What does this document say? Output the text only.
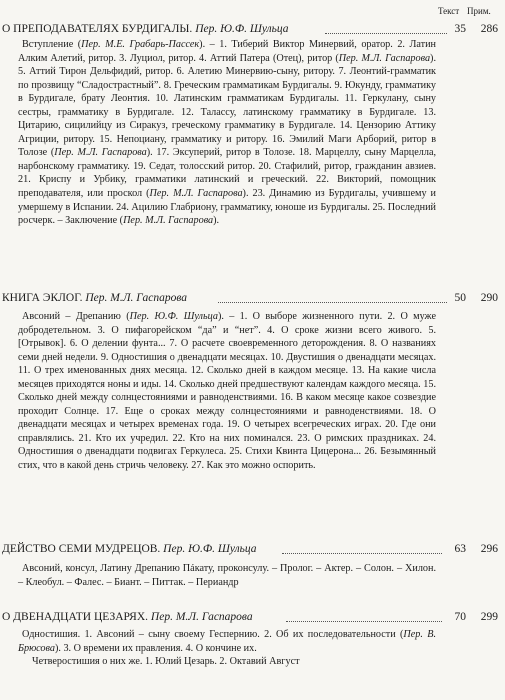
Текст Прим.
О ПРЕПОДАВАТЕЛЯХ БУРДИГАЛЫ. Пер. Ю.Ф. Шульца	35	286

Вступление (Пер. М.Е. Грабарь-Пассек). – 1. Тиберий Виктор Минервий, оратор. 2. Латин Алким Алетий, ритор. 3. Луциол, ритор. 4. Аттий Патера (Отец), ритор (Пер. М.Л. Гаспарова). 5. Аттий Тирон Дельфидий, ритор. 6. Алетию Минервию-сыну, ритору. 7. Леонтий-грамматик по прозвищу “Сладострастный”. 8. Греческим грамматикам Бурдигалы. 9. Юкунду, грамматику в Бурдигале, брату Леонтия. 10. Латинским грамматикам Бурдигалы. 11. Геркулану, сыну сестры, грамматику в Бурдигале. 12. Талассу, латинскому грамматику в Бурдигале. 13. Цитарию, сицилийцу из Сиракуз, греческому грамматику в Бурдигале. 14. Цензорию Аттику Агриции, ритору. 15. Непоциану, грамматику и ритору. 16. Эмилий Маги Арборий, ритор в Толозе (Пер. М.Л. Гаспарова). 17. Эксуперий, ритор в Толозе. 18. Марцеллу, сыну Марцелла, нарбонскому грамматику. 19. Седат, толосский ритор. 20. Стафилий, ритор, гражданин авзиев. 21. Криспу и Урбику, грамматики латинский и греческий. 22. Викторий, помощник преподавателя, или проскол (Пер. М.Л. Гаспарова). 23. Динамию из Бурдигалы, учившему и умершему в Испании. 24. Ацилию Глабриону, грамматику, юноше из Бурдигалы. 25. Последний росчерк. – Заключение (Пер. М.Л. Гаспарова).

КНИГА ЭКЛОГ. Пер. М.Л. Гаспарова	50	290

Авсоний – Дрепанию (Пер. Ю.Ф. Шульца). – 1. О выборе жизненного пути. 2. О муже добродетельном. 3. О пифагорейском “да” и “нет”. 4. О сроке жизни всего живого. 5. [Отрывок]. 6. О делении фунта... 7. О расчете своевременного деторождения. 8. О названиях семи дней недели. 9. Одностишия о двенадцати месяцах. 10. Двустишия о двенадцати месяцах. 11. О трех именованных днях месяца. 12. Сколько дней в каждом месяце. 13. На какие числа месяцев приходятся ноны и иды. 14. Сколько дней предшествуют календам каждого месяца. 15. Сколько дней между солнцестояниями и равноденствиями. 16. В каком месяце какое созвездие проходит Солнце. 17. Еще о сроках между солнцестояниями и равноденствиями. 18. О двенадцати месяцах и четырех временах года. 19. О четырех всегреческих играх. 20. Где они справлялись. 21. Кто их учредил. 22. Кто на них поминался. 23. О римских праздниках. 24. Одностишия о двенадцати подвигах Геркулеса. 25. Стихи Квинта Цицерона... 26. Безымянный стих, что в какой день стричь человеку. 27. Как это можно оспорить.

ДЕЙСТВО СЕМИ МУДРЕЦОВ. Пер. Ю.Ф. Шульца	63	296

Авсоний, консул, Латину Дрепанию Пáкату, проконсулу. – Пролог. – Актер. – Солон. – Хилон. – Клеобул. – Фалес. – Биант. – Питтак. – Периандр

О ДВЕНАДЦАТИ ЦЕЗАРЯХ. Пер. М.Л. Гаспарова	70	299

Одностишия. 1. Авсоний – сыну своему Геспернию. 2. Об их последовательности (Пер. В. Брюсова). 3. О времени их правления. 4. О кончине их.

Четверостишия о них же. 1. Юлий Цезарь. 2. Октавий Август
